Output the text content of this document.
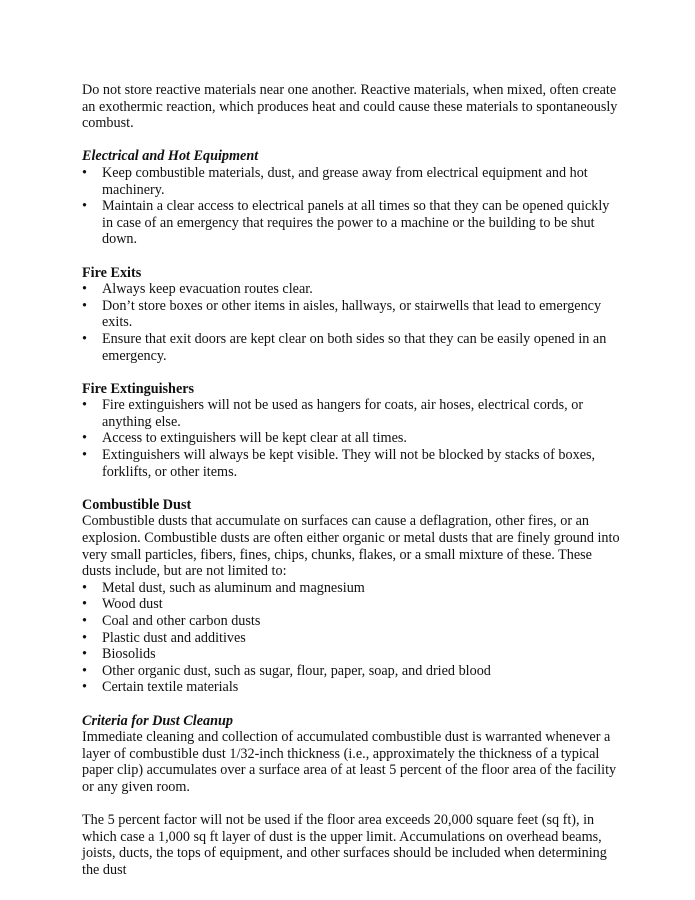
Do not store reactive materials near one another. Reactive materials, when mixed, often create an exothermic reaction, which produces heat and could cause these materials to spontaneously combust.

Electrical and Hot Equipment

•	Keep combustible materials, dust, and grease away from electrical equipment and hot machinery.
•	Maintain a clear access to electrical panels at all times so that they can be opened quickly in case of an emergency that requires the power to a machine or the building to be shut down.

Fire Exits

•	Always keep evacuation routes clear.
•	Don’t store boxes or other items in aisles, hallways, or stairwells that lead to emergency exits.
•	Ensure that exit doors are kept clear on both sides so that they can be easily opened in an emergency.

Fire Extinguishers

•	Fire extinguishers will not be used as hangers for coats, air hoses, electrical cords, or anything else.
•	Access to extinguishers will be kept clear at all times.
•	Extinguishers will always be kept visible. They will not be blocked by stacks of boxes, forklifts, or other items.

Combustible Dust

Combustible dusts that accumulate on surfaces can cause a deflagration, other fires, or an explosion. Combustible dusts are often either organic or metal dusts that are finely ground into very small particles, fibers, fines, chips, chunks, flakes, or a small mixture of these. These dusts include, but are not limited to:

•	Metal dust, such as aluminum and magnesium
•	Wood dust
•	Coal and other carbon dusts
•	Plastic dust and additives
•	Biosolids
•	Other organic dust, such as sugar, flour, paper, soap, and dried blood
•	Certain textile materials

Criteria for Dust Cleanup

Immediate cleaning and collection of accumulated combustible dust is warranted whenever a layer of combustible dust 1/32-inch thickness (i.e., approximately the thickness of a typical paper clip) accumulates over a surface area of at least 5 percent of the floor area of the facility or any given room.

The 5 percent factor will not be used if the floor area exceeds 20,000 square feet (sq ft), in which case a 1,000 sq ft layer of dust is the upper limit. Accumulations on overhead beams, joists, ducts, the tops of equipment, and other surfaces should be included when determining the dust
